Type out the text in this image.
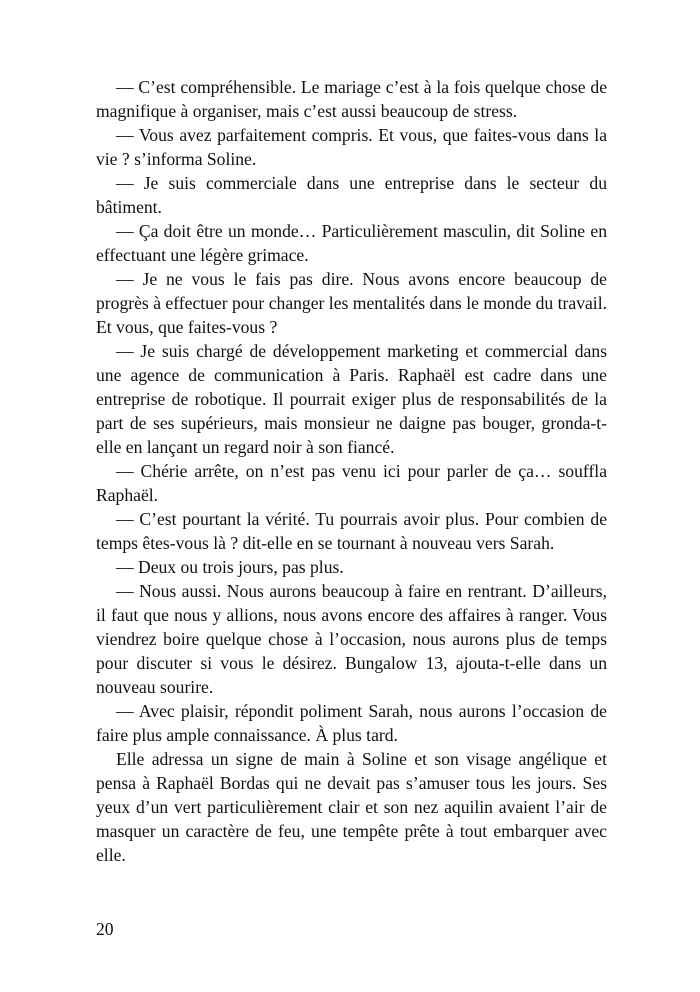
— C’est compréhensible. Le mariage c’est à la fois quelque chose de magnifique à organiser, mais c’est aussi beaucoup de stress.

— Vous avez parfaitement compris. Et vous, que faites-vous dans la vie ? s’informa Soline.

— Je suis commerciale dans une entreprise dans le secteur du bâtiment.

— Ça doit être un monde… Particulièrement masculin, dit Soline en effectuant une légère grimace.

— Je ne vous le fais pas dire. Nous avons encore beaucoup de progrès à effectuer pour changer les mentalités dans le monde du travail. Et vous, que faites-vous ?

— Je suis chargé de développement marketing et commercial dans une agence de communication à Paris. Raphaël est cadre dans une entreprise de robotique. Il pourrait exiger plus de responsabilités de la part de ses supérieurs, mais monsieur ne daigne pas bouger, gronda-t-elle en lançant un regard noir à son fiancé.

— Chérie arrête, on n’est pas venu ici pour parler de ça… souffla Raphaël.

— C’est pourtant la vérité. Tu pourrais avoir plus. Pour combien de temps êtes-vous là ? dit-elle en se tournant à nouveau vers Sarah.

— Deux ou trois jours, pas plus.

— Nous aussi. Nous aurons beaucoup à faire en rentrant. D’ailleurs, il faut que nous y allions, nous avons encore des affaires à ranger. Vous viendrez boire quelque chose à l’occasion, nous aurons plus de temps pour discuter si vous le désirez. Bungalow 13, ajouta-t-elle dans un nouveau sourire.

— Avec plaisir, répondit poliment Sarah, nous aurons l’occasion de faire plus ample connaissance. À plus tard.

Elle adressa un signe de main à Soline et son visage angélique et pensa à Raphaël Bordas qui ne devait pas s’amuser tous les jours. Ses yeux d’un vert particulièrement clair et son nez aquilin avaient l’air de masquer un caractère de feu, une tempête prête à tout embarquer avec elle.

20
